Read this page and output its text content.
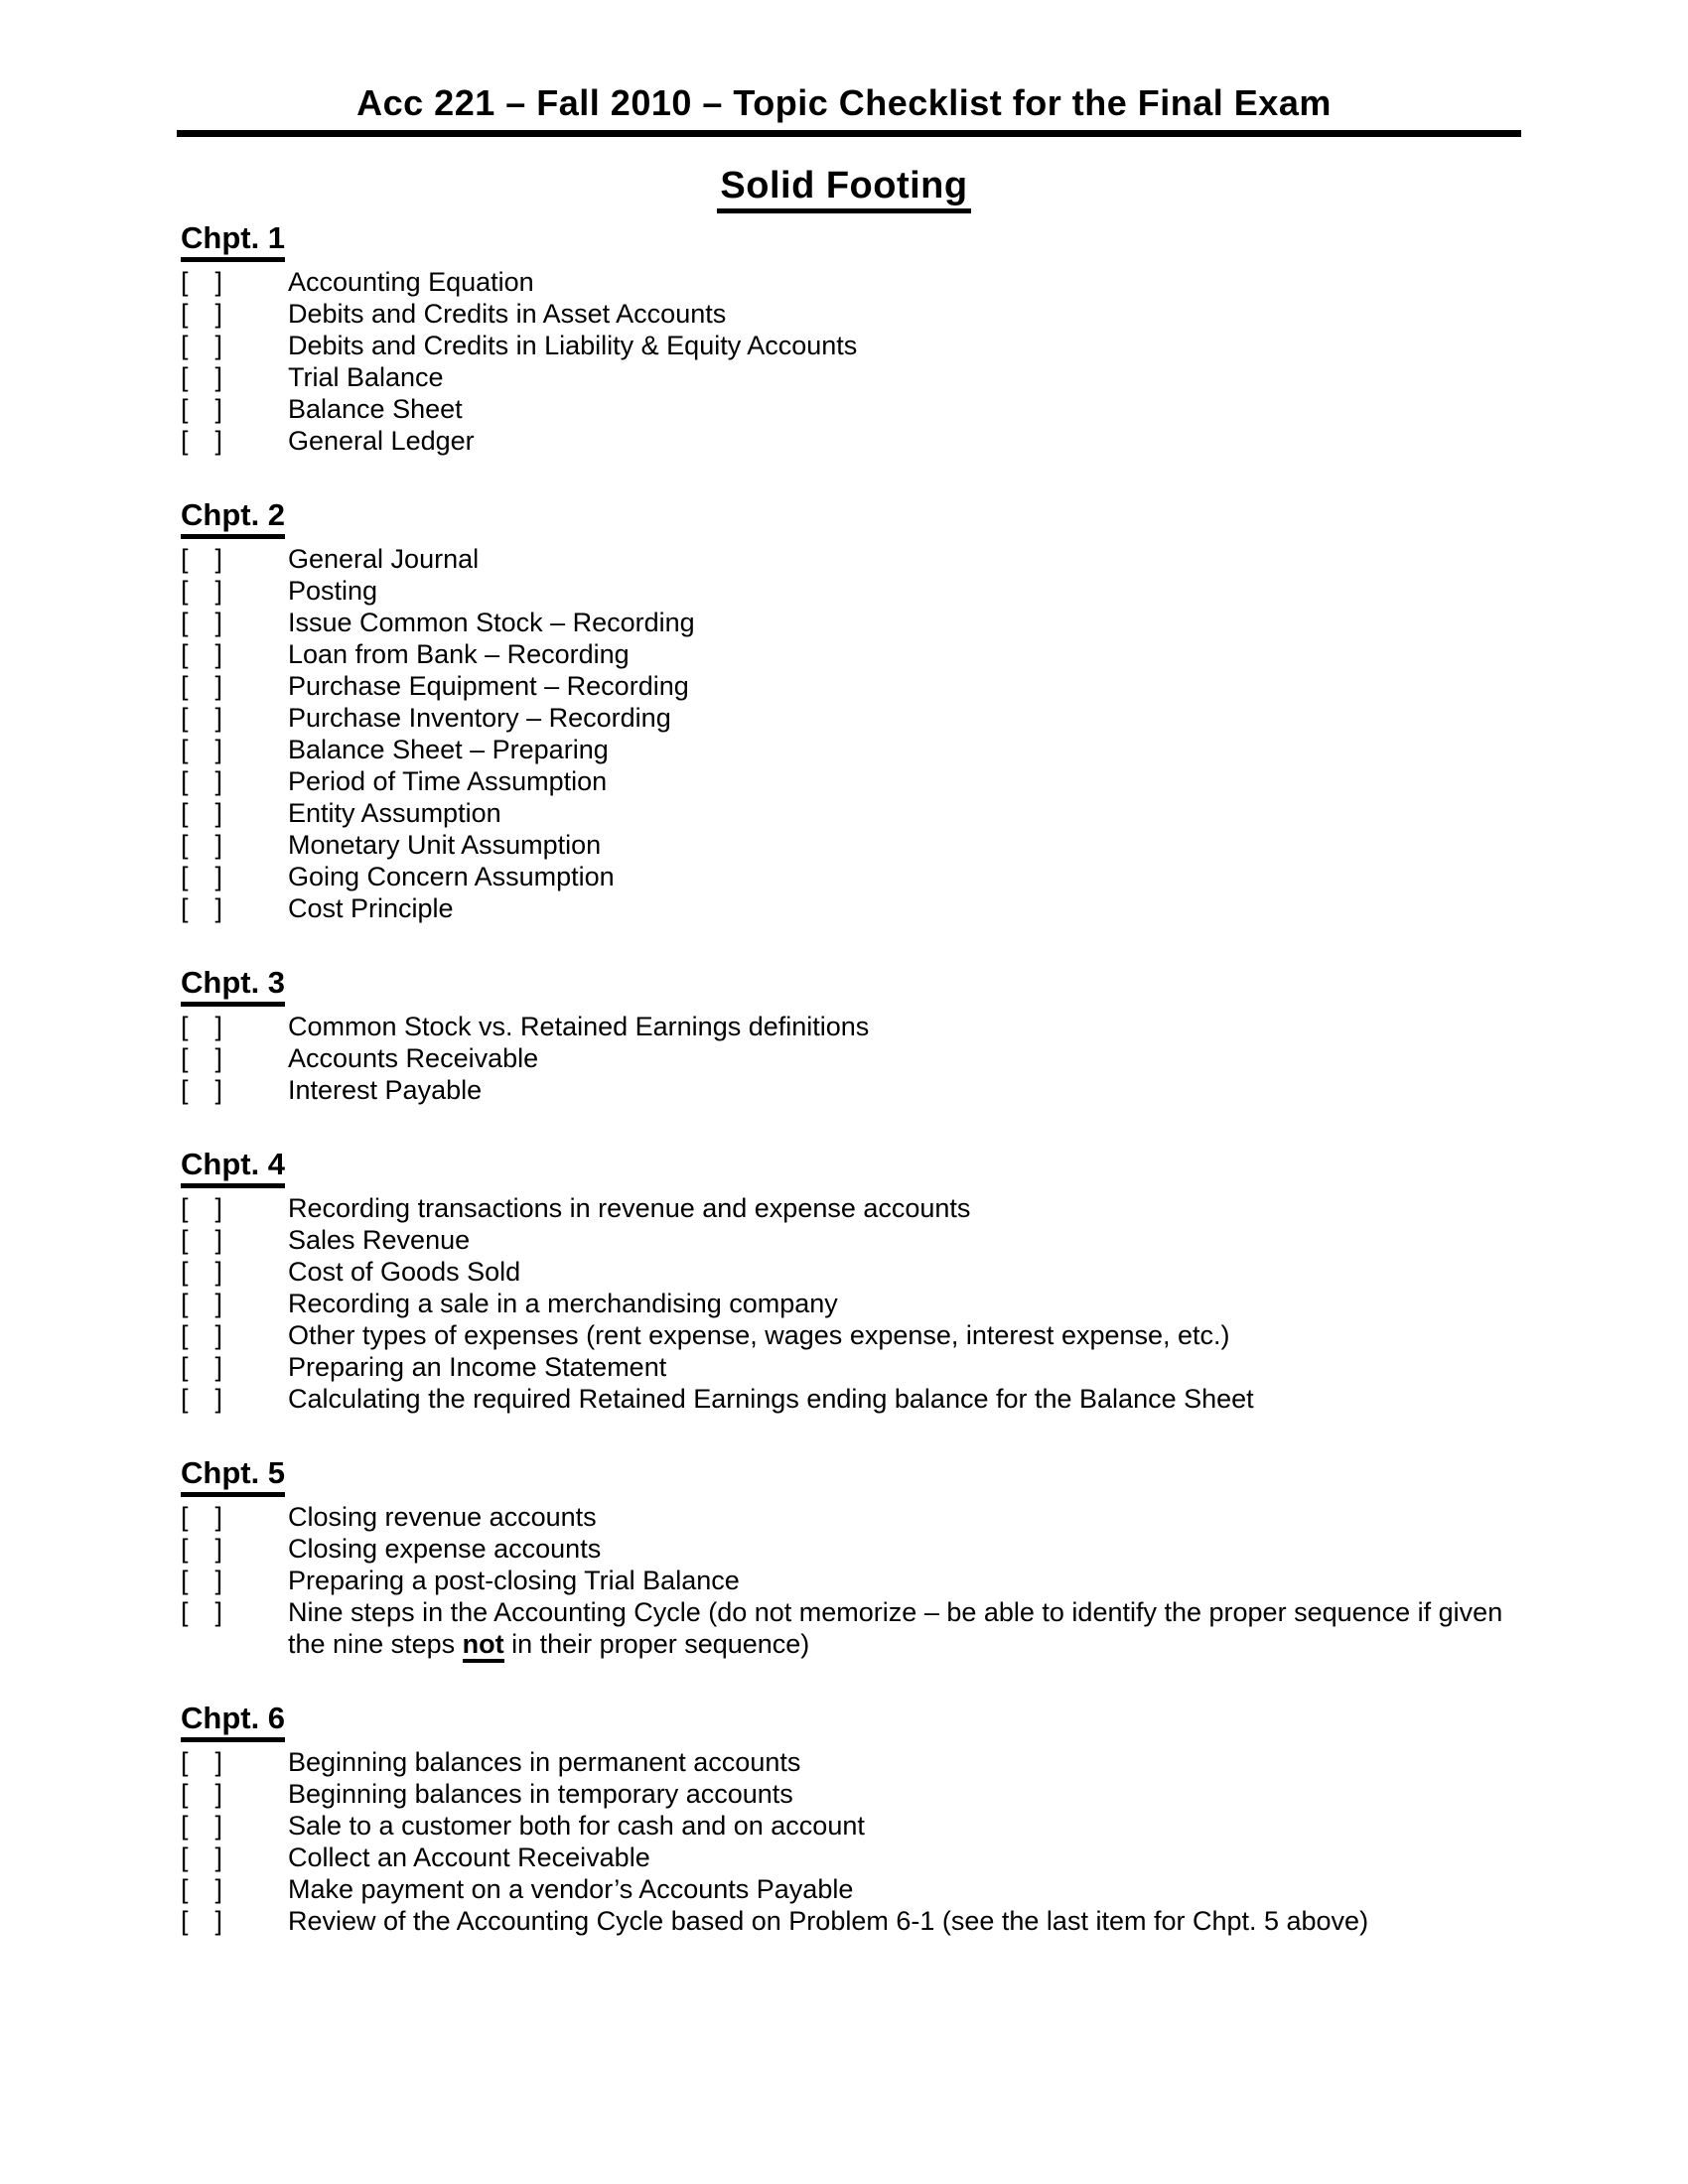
Acc 221 – Fall 2010 – Topic Checklist for the Final Exam
Solid Footing
Chpt. 1
[ ] Accounting Equation
[ ] Debits and Credits in Asset Accounts
[ ] Debits and Credits in Liability & Equity Accounts
[ ] Trial Balance
[ ] Balance Sheet
[ ] General Ledger
Chpt. 2
[ ] General Journal
[ ] Posting
[ ] Issue Common Stock – Recording
[ ] Loan from Bank – Recording
[ ] Purchase Equipment – Recording
[ ] Purchase Inventory – Recording
[ ] Balance Sheet – Preparing
[ ] Period of Time Assumption
[ ] Entity Assumption
[ ] Monetary Unit Assumption
[ ] Going Concern Assumption
[ ] Cost Principle
Chpt. 3
[ ] Common Stock vs. Retained Earnings definitions
[ ] Accounts Receivable
[ ] Interest Payable
Chpt. 4
[ ] Recording transactions in revenue and expense accounts
[ ] Sales Revenue
[ ] Cost of Goods Sold
[ ] Recording a sale in a merchandising company
[ ] Other types of expenses (rent expense, wages expense, interest expense, etc.)
[ ] Preparing an Income Statement
[ ] Calculating the required Retained Earnings ending balance for the Balance Sheet
Chpt. 5
[ ] Closing revenue accounts
[ ] Closing expense accounts
[ ] Preparing a post-closing Trial Balance
[ ] Nine steps in the Accounting Cycle (do not memorize – be able to identify the proper sequence if given the nine steps not in their proper sequence)
Chpt. 6
[ ] Beginning balances in permanent accounts
[ ] Beginning balances in temporary accounts
[ ] Sale to a customer both for cash and on account
[ ] Collect an Account Receivable
[ ] Make payment on a vendor’s Accounts Payable
[ ] Review of the Accounting Cycle based on Problem 6-1 (see the last item for Chpt. 5 above)
